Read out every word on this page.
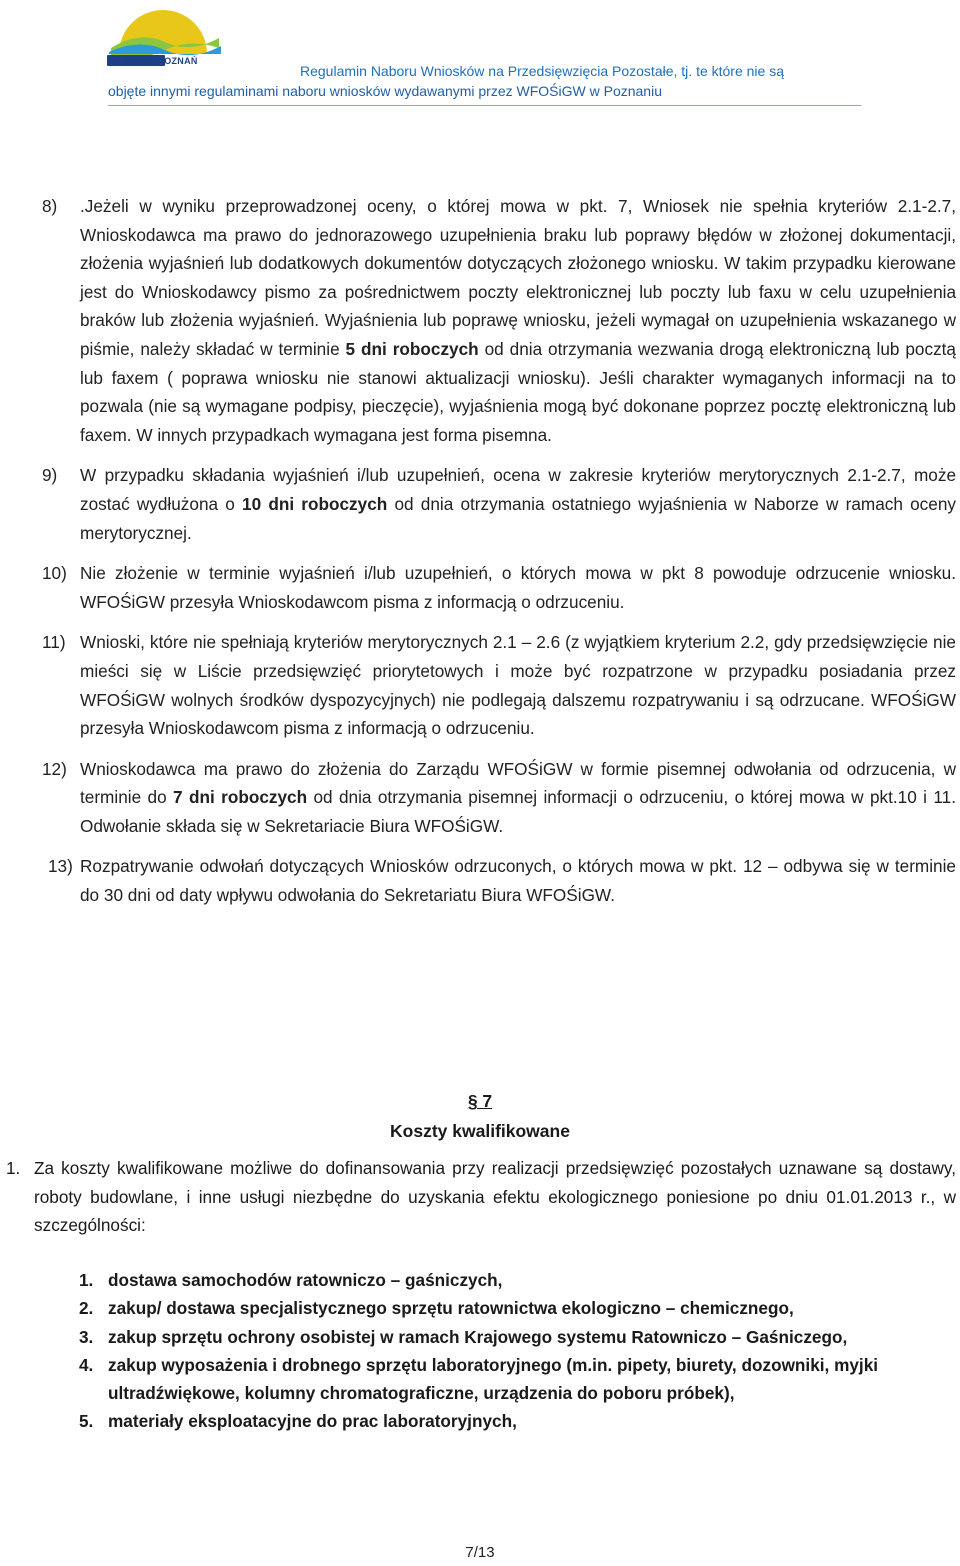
WFOŚiGW POZNAŃ
Regulamin Naboru Wniosków na Przedsięwzięcia Pozostałe, tj. te które nie są
objęte innymi regulaminami naboru wniosków wydawanymi przez WFOŚiGW w Poznaniu
8)	.Jeżeli w wyniku przeprowadzonej oceny, o której mowa w pkt. 7, Wniosek nie spełnia kryteriów 2.1-2.7, Wnioskodawca ma prawo do jednorazowego uzupełnienia braku lub poprawy błędów w złożonej dokumentacji, złożenia wyjaśnień lub dodatkowych dokumentów dotyczących złożonego wniosku. W takim przypadku kierowane jest do Wnioskodawcy pismo za pośrednictwem poczty elektronicznej lub poczty lub faxu w celu uzupełnienia braków lub złożenia wyjaśnień. Wyjaśnienia lub poprawę wniosku, jeżeli wymagał on uzupełnienia wskazanego w piśmie, należy składać w terminie 5 dni roboczych od dnia otrzymania wezwania drogą elektroniczną lub pocztą lub faxem ( poprawa wniosku nie stanowi aktualizacji wniosku). Jeśli charakter wymaganych informacji na to pozwala (nie są wymagane podpisy, pieczęcie), wyjaśnienia mogą być dokonane poprzez pocztę elektroniczną lub faxem. W innych przypadkach wymagana jest forma pisemna.
9)	W przypadku składania wyjaśnień i/lub uzupełnień, ocena w zakresie kryteriów merytorycznych 2.1-2.7, może zostać wydłużona o 10 dni roboczych od dnia otrzymania ostatniego wyjaśnienia w Naborze w ramach oceny merytorycznej.
10) Nie złożenie w terminie wyjaśnień i/lub uzupełnień, o których mowa w pkt 8 powoduje odrzucenie wniosku. WFOŚiGW przesyła Wnioskodawcom pisma z informacją o odrzuceniu.
11) Wnioski, które nie spełniają kryteriów merytorycznych 2.1 – 2.6 (z wyjątkiem kryterium 2.2, gdy przedsięwzięcie nie mieści się w Liście przedsięwzięć priorytetowych i może być rozpatrzone w przypadku posiadania przez WFOŚiGW wolnych środków dyspozycyjnych) nie podlegają dalszemu rozpatrywaniu i są odrzucane. WFOŚiGW przesyła Wnioskodawcom pisma z informacją o odrzuceniu.
12) Wnioskodawca ma prawo do złożenia do Zarządu WFOŚiGW w formie pisemnej odwołania od odrzucenia, w terminie do 7 dni roboczych od dnia otrzymania pisemnej informacji o odrzuceniu, o której mowa w pkt.10 i 11. Odwołanie składa się w Sekretariacie Biura WFOŚiGW.
13) Rozpatrywanie odwołań dotyczących Wniosków odrzuconych, o których mowa w pkt. 12 – odbywa się w terminie do 30 dni od daty wpływu odwołania do Sekretariatu Biura WFOŚiGW.
§ 7
Koszty kwalifikowane
1. Za koszty kwalifikowane możliwe do dofinansowania przy realizacji przedsięwzięć pozostałych uznawane są dostawy, roboty budowlane, i inne usługi niezbędne do uzyskania efektu ekologicznego poniesione po dniu 01.01.2013 r., w szczególności:
1. dostawa samochodów ratowniczo – gaśniczych,
2. zakup/ dostawa specjalistycznego sprzętu ratownictwa ekologiczno – chemicznego,
3. zakup sprzętu ochrony osobistej w ramach Krajowego systemu Ratowniczo – Gaśniczego,
4. zakup wyposażenia i drobnego sprzętu laboratoryjnego (m.in. pipety, biurety, dozowniki, myjki ultradźwiękowe, kolumny chromatograficzne, urządzenia do poboru próbek),
5. materiały eksploatacyjne do prac laboratoryjnych,
7/13
